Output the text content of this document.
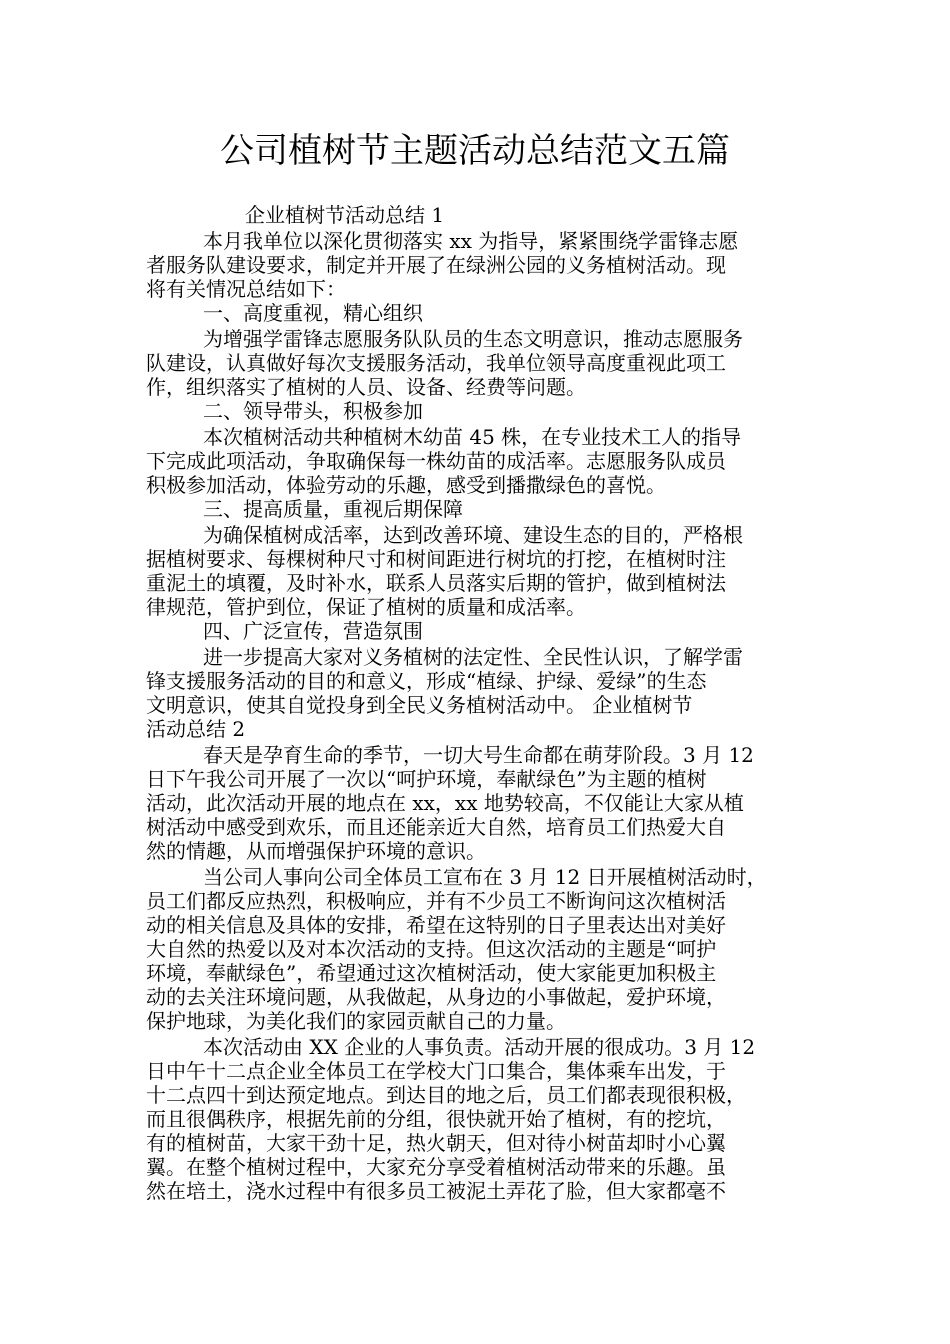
公司植树节主题活动总结范文五篇
企业植树节活动总结 1
本月我单位以深化贯彻落实 xx 为指导，紧紧围绕学雷锋志愿
者服务队建设要求，制定并开展了在绿洲公园的义务植树活动。现
将有关情况总结如下：
一、高度重视，精心组织
为增强学雷锋志愿服务队队员的生态文明意识，推动志愿服务
队建设，认真做好每次支援服务活动，我单位领导高度重视此项工
作，组织落实了植树的人员、设备、经费等问题。
二、领导带头，积极参加
本次植树活动共种植树木幼苗 45 株，在专业技术工人的指导
下完成此项活动，争取确保每一株幼苗的成活率。志愿服务队成员
积极参加活动，体验劳动的乐趣，感受到播撒绿色的喜悦。
三、提高质量，重视后期保障
为确保植树成活率，达到改善环境、建设生态的目的，严格根
据植树要求、每棵树种尺寸和树间距进行树坑的打挖，在植树时注
重泥土的填覆，及时补水，联系人员落实后期的管护，做到植树法
律规范，管护到位，保证了植树的质量和成活率。
四、广泛宣传，营造氛围
进一步提高大家对义务植树的法定性、全民性认识，了解学雷
锋支援服务活动的目的和意义，形成“植绿、护绿、爱绿”的生态
文明意识，使其自觉投身到全民义务植树活动中。 企业植树节
活动总结 2
春天是孕育生命的季节，一切大号生命都在萌芽阶段。3 月 12
日下午我公司开展了一次以“呵护环境，奉献绿色”为主题的植树
活动，此次活动开展的地点在 xx，xx 地势较高，不仅能让大家从植
树活动中感受到欢乐，而且还能亲近大自然，培育员工们热爱大自
然的情趣，从而增强保护环境的意识。
当公司人事向公司全体员工宣布在 3 月 12 日开展植树活动时，
员工们都反应热烈，积极响应，并有不少员工不断询问这次植树活
动的相关信息及具体的安排，希望在这特别的日子里表达出对美好
大自然的热爱以及对本次活动的支持。但这次活动的主题是“呵护
环境，奉献绿色”，希望通过这次植树活动，使大家能更加积极主
动的去关注环境问题，从我做起，从身边的小事做起，爱护环境，
保护地球，为美化我们的家园贡献自己的力量。
本次活动由 XX 企业的人事负责。活动开展的很成功。3 月 12
日中午十二点企业全体员工在学校大门口集合，集体乘车出发，于
十二点四十到达预定地点。到达目的地之后，员工们都表现很积极，
而且很偶秩序，根据先前的分组，很快就开始了植树，有的挖坑，
有的植树苗，大家干劲十足，热火朝天，但对待小树苗却时小心翼
翼。在整个植树过程中，大家充分享受着植树活动带来的乐趣。虽
然在培土，浇水过程中有很多员工被泥土弄花了脸，但大家都毫不
